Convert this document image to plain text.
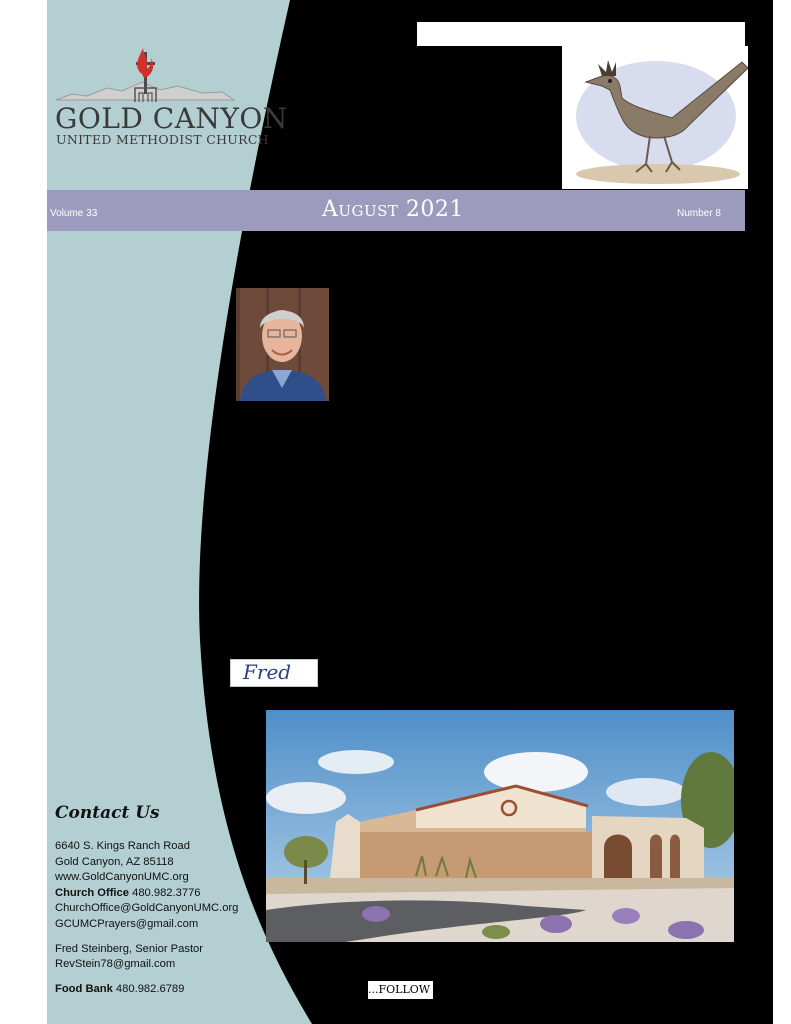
GOLD CANYON
UNITED METHODIST CHURCH
Volume 33	August 2021	Number 8
Fred
Contact Us
6640 S. Kings Ranch Road
Gold Canyon, AZ 85118
www.GoldCanyonUMC.org
Church Office 480.982.3776
ChurchOffice@GoldCanyonUMC.org
GCUMCPrayers@gmail.com
Fred Steinberg, Senior Pastor
RevStein78@gmail.com
Food Bank 480.982.6789	...FOLLOW
